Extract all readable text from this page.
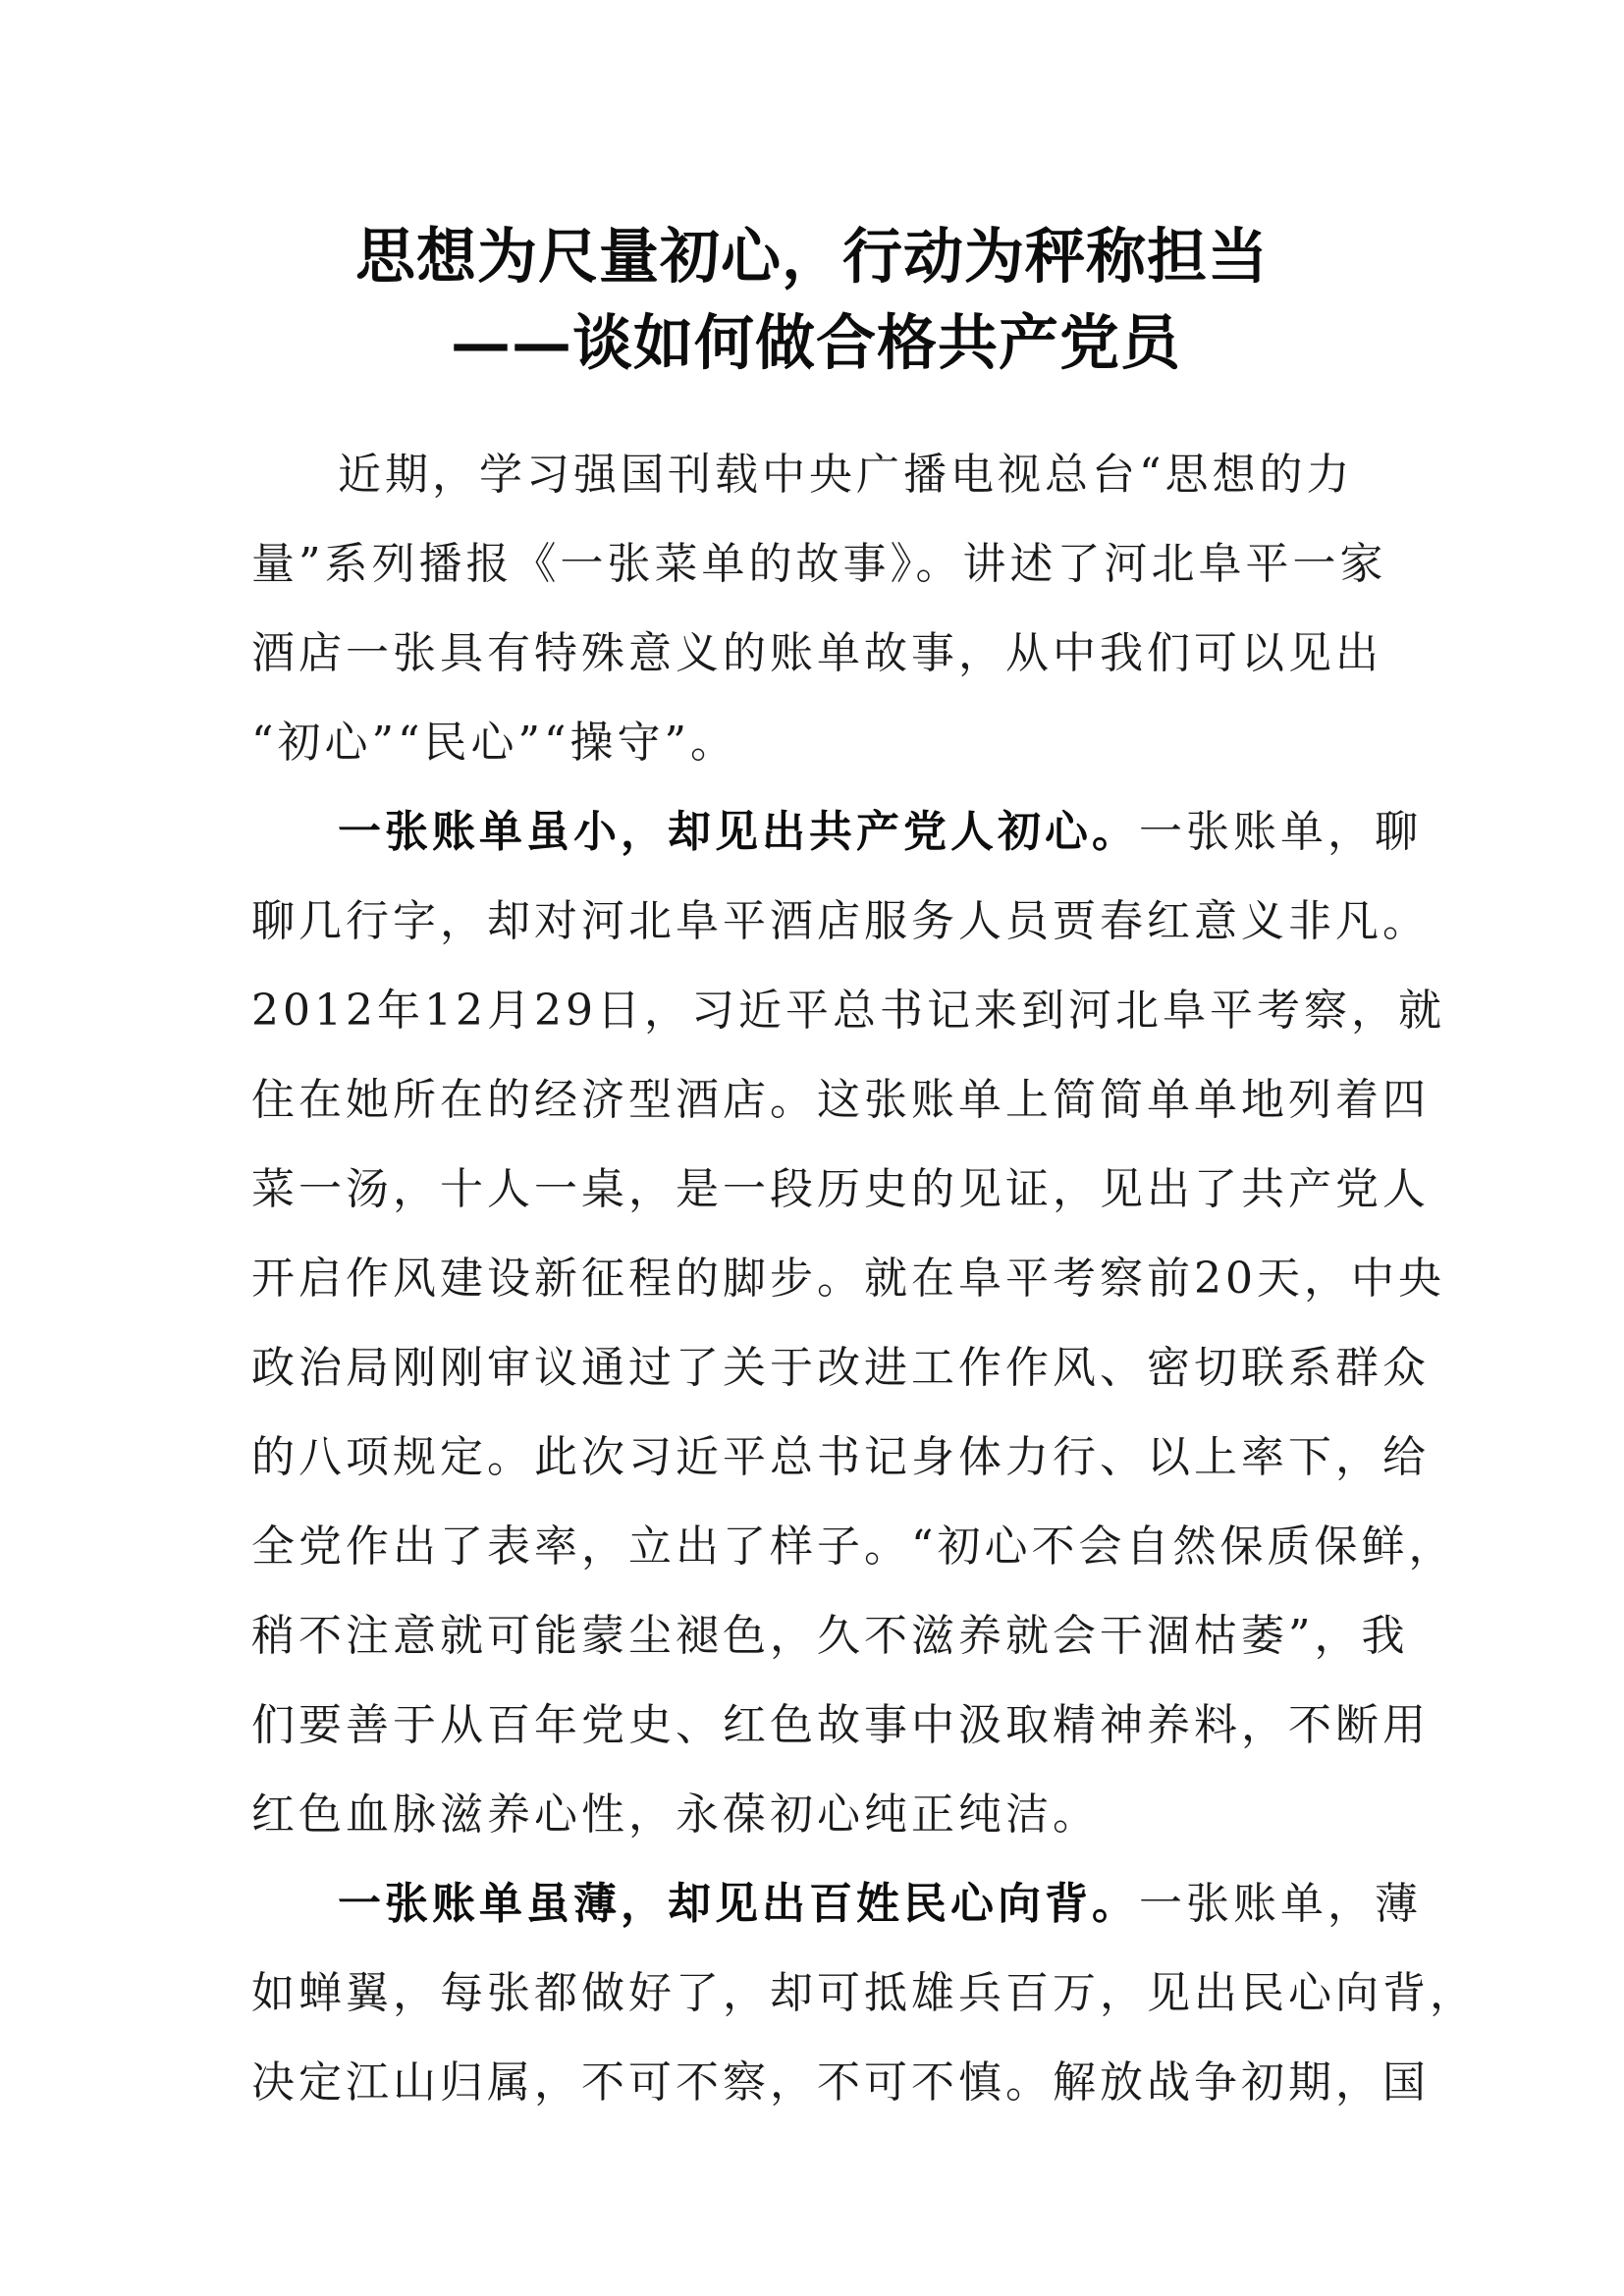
思想为尺量初心，行动为秤称担当
——谈如何做合格共产党员
近期，学习强国刊载中央广播电视总台“思想的力
量”系列播报《一张菜单的故事》。讲述了河北阜平一家
酒店一张具有特殊意义的账单故事，从中我们可以见出
“初心”“民心”“操守”。
一张账单虽小，却见出共产党人初心。一张账单，聊
聊几行字，却对河北阜平酒店服务人员贾春红意义非凡。
2012年12月29日，习近平总书记来到河北阜平考察，就
住在她所在的经济型酒店。这张账单上简简单单地列着四
菜一汤，十人一桌，是一段历史的见证，见出了共产党人
开启作风建设新征程的脚步。就在阜平考察前20天，中央
政治局刚刚审议通过了关于改进工作作风、密切联系群众
的八项规定。此次习近平总书记身体力行、以上率下，给
全党作出了表率，立出了样子。“初心不会自然保质保鲜，
稍不注意就可能蒙尘褪色，久不滋养就会干涸枯萎”，我
们要善于从百年党史、红色故事中汲取精神养料，不断用
红色血脉滋养心性，永葆初心纯正纯洁。
一张账单虽薄，却见出百姓民心向背。一张账单，薄
如蝉翼，每张都做好了，却可抵雄兵百万，见出民心向背，
决定江山归属，不可不察，不可不慎。解放战争初期，国
